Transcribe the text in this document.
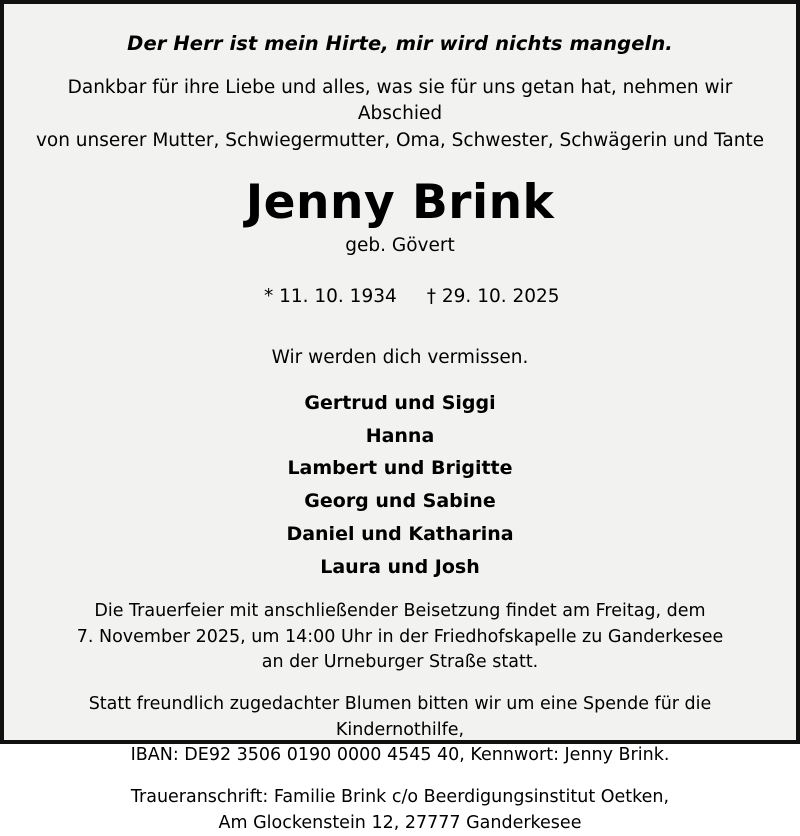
Der Herr ist mein Hirte, mir wird nichts mangeln.
Dankbar für ihre Liebe und alles, was sie für uns getan hat, nehmen wir Abschied
von unserer Mutter, Schwiegermutter, Oma, Schwester, Schwägerin und Tante
Jenny Brink
geb. Gövert

* 11. 10. 1934 † 29. 10. 2025

Wir werden dich vermissen.
Gertrud und Siggi
Hanna
Lambert und Brigitte
Georg und Sabine
Daniel und Katharina
Laura und Josh
Die Trauerfeier mit anschließender Beisetzung findet am Freitag, dem
7. November 2025, um 14:00 Uhr in der Friedhofskapelle zu Ganderkesee
an der Urneburger Straße statt.
Statt freundlich zugedachter Blumen bitten wir um eine Spende für die Kindernothilfe,
IBAN: DE92 3506 0190 0000 4545 40, Kennwort: Jenny Brink.
Traueranschrift: Familie Brink c/o Beerdigungsinstitut Oetken,
Am Glockenstein 12, 27777 Ganderkesee
